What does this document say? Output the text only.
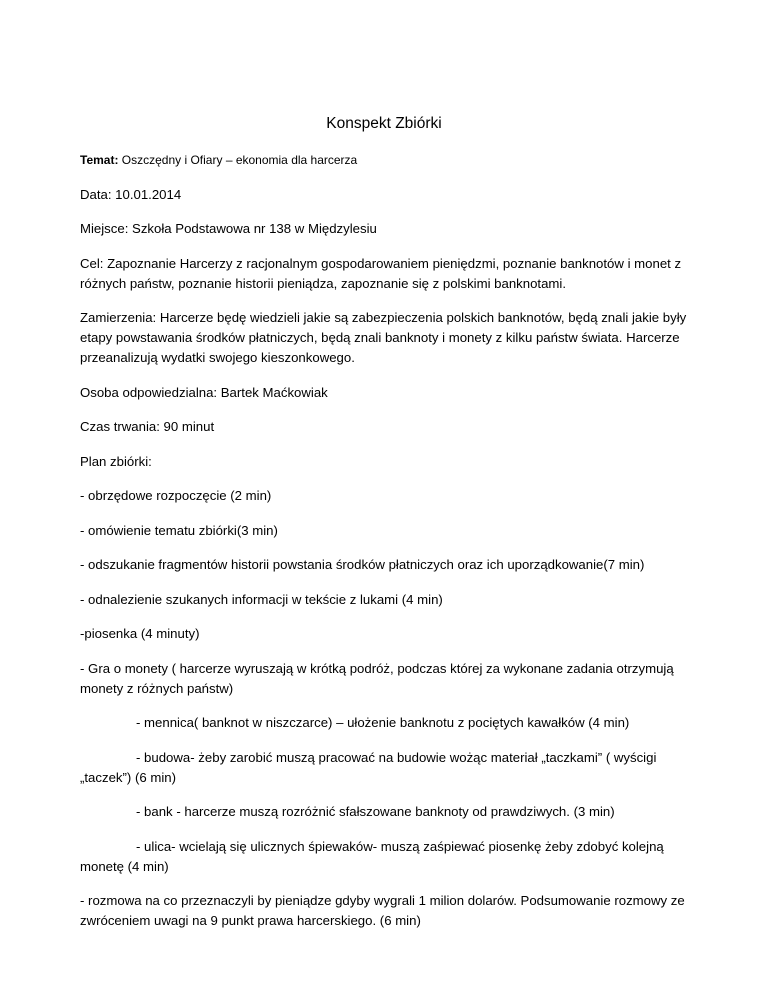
Konspekt Zbiórki

Temat: Oszczędny i Ofiary – ekonomia dla harcerza

Data: 10.01.2014

Miejsce: Szkoła Podstawowa nr 138 w Międzylesiu

Cel: Zapoznanie Harcerzy z racjonalnym gospodarowaniem pieniędzmi, poznanie banknotów i monet z różnych państw, poznanie historii pieniądza, zapoznanie się z polskimi banknotami.

Zamierzenia: Harcerze będę wiedzieli jakie są zabezpieczenia polskich banknotów, będą znali jakie były etapy powstawania środków płatniczych, będą znali banknoty i monety z kilku państw świata. Harcerze przeanalizują wydatki swojego kieszonkowego.

Osoba odpowiedzialna: Bartek Maćkowiak

Czas trwania: 90 minut

Plan zbiórki:

- obrzędowe rozpoczęcie (2 min)

- omówienie tematu zbiórki(3 min)

- odszukanie fragmentów historii powstania środków płatniczych oraz ich uporządkowanie(7 min)

- odnalezienie szukanych informacji w tekście z lukami (4 min)

-piosenka (4 minuty)

- Gra o monety ( harcerze wyruszają w krótką podróż, podczas której za wykonane zadania otrzymują monety z różnych państw)

- mennica( banknot w niszczarce) – ułożenie banknotu z pociętych kawałków (4 min)

- budowa- żeby zarobić muszą pracować na budowie wożąc materiał „taczkami” ( wyścigi „taczek”) (6 min)

- bank - harcerze muszą rozróżnić sfałszowane banknoty od prawdziwych. (3 min)

- ulica- wcielają się ulicznych śpiewaków- muszą zaśpiewać piosenkę żeby zdobyć kolejną monetę (4 min)

- rozmowa na co przeznaczyli by pieniądze gdyby wygrali 1 milion dolarów. Podsumowanie rozmowy ze zwróceniem uwagi na 9 punkt prawa harcerskiego. (6 min)
